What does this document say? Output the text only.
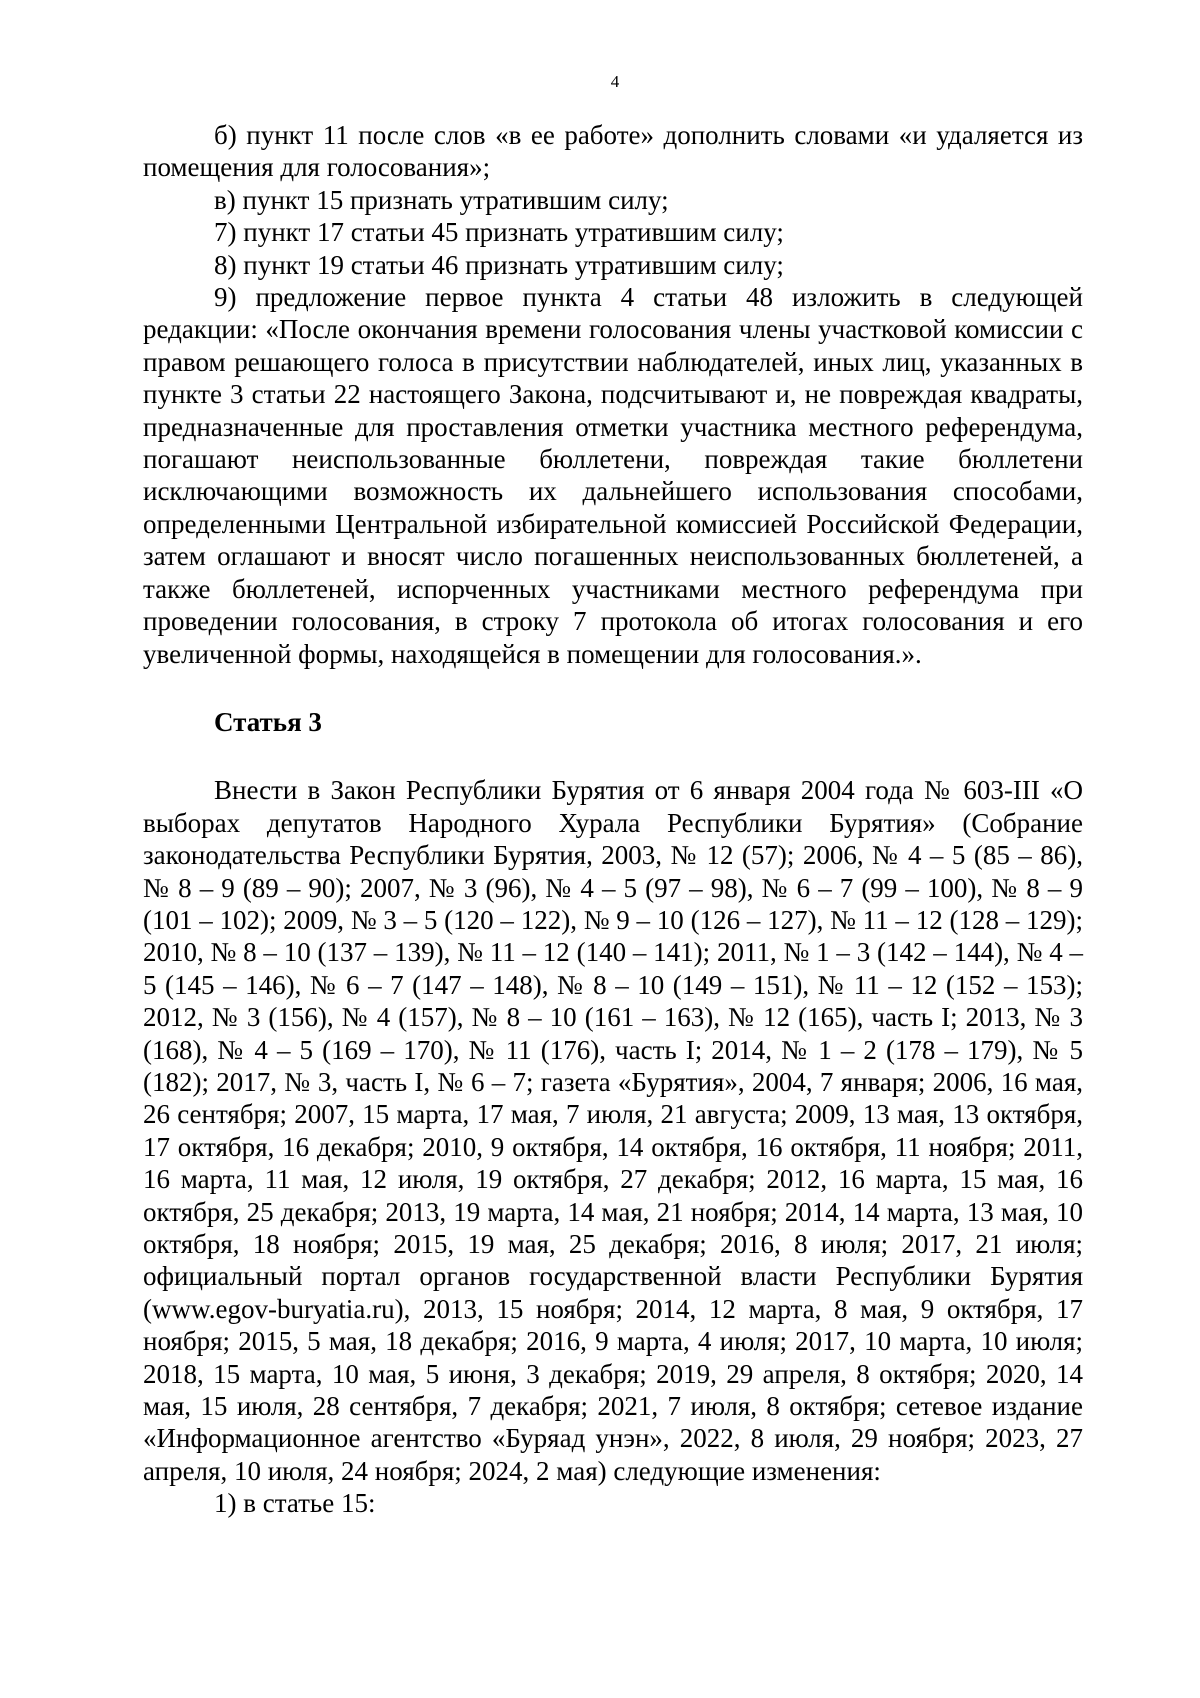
4

б) пункт 11 после слов «в ее работе» дополнить словами «и удаляется из помещения для голосования»;

в) пункт 15 признать утратившим силу;

7) пункт 17 статьи 45 признать утратившим силу;

8) пункт 19 статьи 46 признать утратившим силу;

9) предложение первое пункта 4 статьи 48 изложить в следующей редакции: «После окончания времени голосования члены участковой комиссии с правом решающего голоса в присутствии наблюдателей, иных лиц, указанных в пункте 3 статьи 22 настоящего Закона, подсчитывают и, не повреждая квадраты, предназначенные для проставления отметки участника местного референдума, погашают неиспользованные бюллетени, повреждая такие бюллетени исключающими возможность их дальнейшего использования способами, определенными Центральной избирательной комиссией Российской Федерации, затем оглашают и вносят число погашенных неиспользованных бюллетеней, а также бюллетеней, испорченных участниками местного референдума при проведении голосования, в строку 7 протокола об итогах голосования и его увеличенной формы, находящейся в помещении для голосования.».

Статья 3

Внести в Закон Республики Бурятия от 6 января 2004 года № 603-III «О выборах депутатов Народного Хурала Республики Бурятия» (Собрание законодательства Республики Бурятия, 2003, № 12 (57); 2006, № 4 – 5 (85 – 86), № 8 – 9 (89 – 90); 2007, № 3 (96), № 4 – 5 (97 – 98), № 6 – 7 (99 – 100), № 8 – 9 (101 – 102); 2009, № 3 – 5 (120 – 122), № 9 – 10 (126 – 127), № 11 – 12 (128 – 129); 2010, № 8 – 10 (137 – 139), № 11 – 12 (140 – 141); 2011, № 1 – 3 (142 – 144), № 4 – 5 (145 – 146), № 6 – 7 (147 – 148), № 8 – 10 (149 – 151), № 11 – 12 (152 – 153); 2012, № 3 (156), № 4 (157), № 8 – 10 (161 – 163), № 12 (165), часть I; 2013, № 3 (168), № 4 – 5 (169 – 170), № 11 (176), часть I; 2014, № 1 – 2 (178 – 179), № 5 (182); 2017, № 3, часть I, № 6 – 7; газета «Бурятия», 2004, 7 января; 2006, 16 мая, 26 сентября; 2007, 15 марта, 17 мая, 7 июля, 21 августа; 2009, 13 мая, 13 октября, 17 октября, 16 декабря; 2010, 9 октября, 14 октября, 16 октября, 11 ноября; 2011, 16 марта, 11 мая, 12 июля, 19 октября, 27 декабря; 2012, 16 марта, 15 мая, 16 октября, 25 декабря; 2013, 19 марта, 14 мая, 21 ноября; 2014, 14 марта, 13 мая, 10 октября, 18 ноября; 2015, 19 мая, 25 декабря; 2016, 8 июля; 2017, 21 июля; официальный портал органов государственной власти Республики Бурятия (www.egov-buryatia.ru), 2013, 15 ноября; 2014, 12 марта, 8 мая, 9 октября, 17 ноября; 2015, 5 мая, 18 декабря; 2016, 9 марта, 4 июля; 2017, 10 марта, 10 июля; 2018, 15 марта, 10 мая, 5 июня, 3 декабря; 2019, 29 апреля, 8 октября; 2020, 14 мая, 15 июля, 28 сентября, 7 декабря; 2021, 7 июля, 8 октября; сетевое издание «Информационное агентство «Буряад унэн», 2022, 8 июля, 29 ноября; 2023, 27 апреля, 10 июля, 24 ноября; 2024, 2 мая) следующие изменения:

1) в статье 15:
